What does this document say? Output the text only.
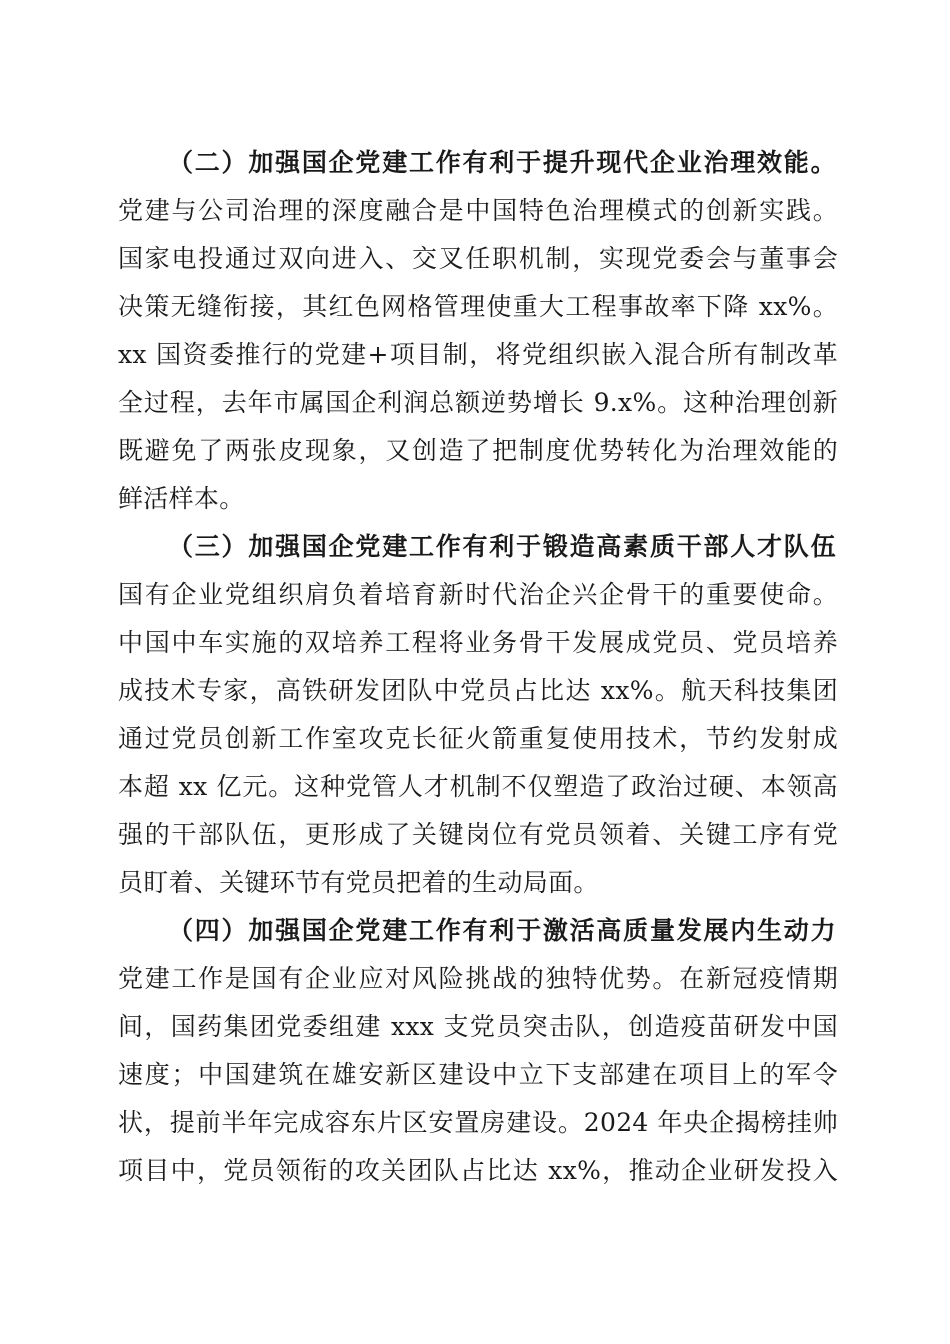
（二）加强国企党建工作有利于提升现代企业治理效能。
党建与公司治理的深度融合是中国特色治理模式的创新实践。
国家电投通过双向进入、交叉任职机制，实现党委会与董事会
决策无缝衔接，其红色网格管理使重大工程事故率下降 xx%。
xx 国资委推行的党建+项目制，将党组织嵌入混合所有制改革
全过程，去年市属国企利润总额逆势增长 9.x%。这种治理创新
既避免了两张皮现象，又创造了把制度优势转化为治理效能的
鲜活样本。
（三）加强国企党建工作有利于锻造高素质干部人才队伍
国有企业党组织肩负着培育新时代治企兴企骨干的重要使命。
中国中车实施的双培养工程将业务骨干发展成党员、党员培养
成技术专家，高铁研发团队中党员占比达 xx%。航天科技集团
通过党员创新工作室攻克长征火箭重复使用技术，节约发射成
本超 xx 亿元。这种党管人才机制不仅塑造了政治过硬、本领高
强的干部队伍，更形成了关键岗位有党员领着、关键工序有党
员盯着、关键环节有党员把着的生动局面。
（四）加强国企党建工作有利于激活高质量发展内生动力
党建工作是国有企业应对风险挑战的独特优势。在新冠疫情期
间，国药集团党委组建 xxx 支党员突击队，创造疫苗研发中国
速度；中国建筑在雄安新区建设中立下支部建在项目上的军令
状，提前半年完成容东片区安置房建设。2024 年央企揭榜挂帅
项目中，党员领衔的攻关团队占比达 xx%，推动企业研发投入
